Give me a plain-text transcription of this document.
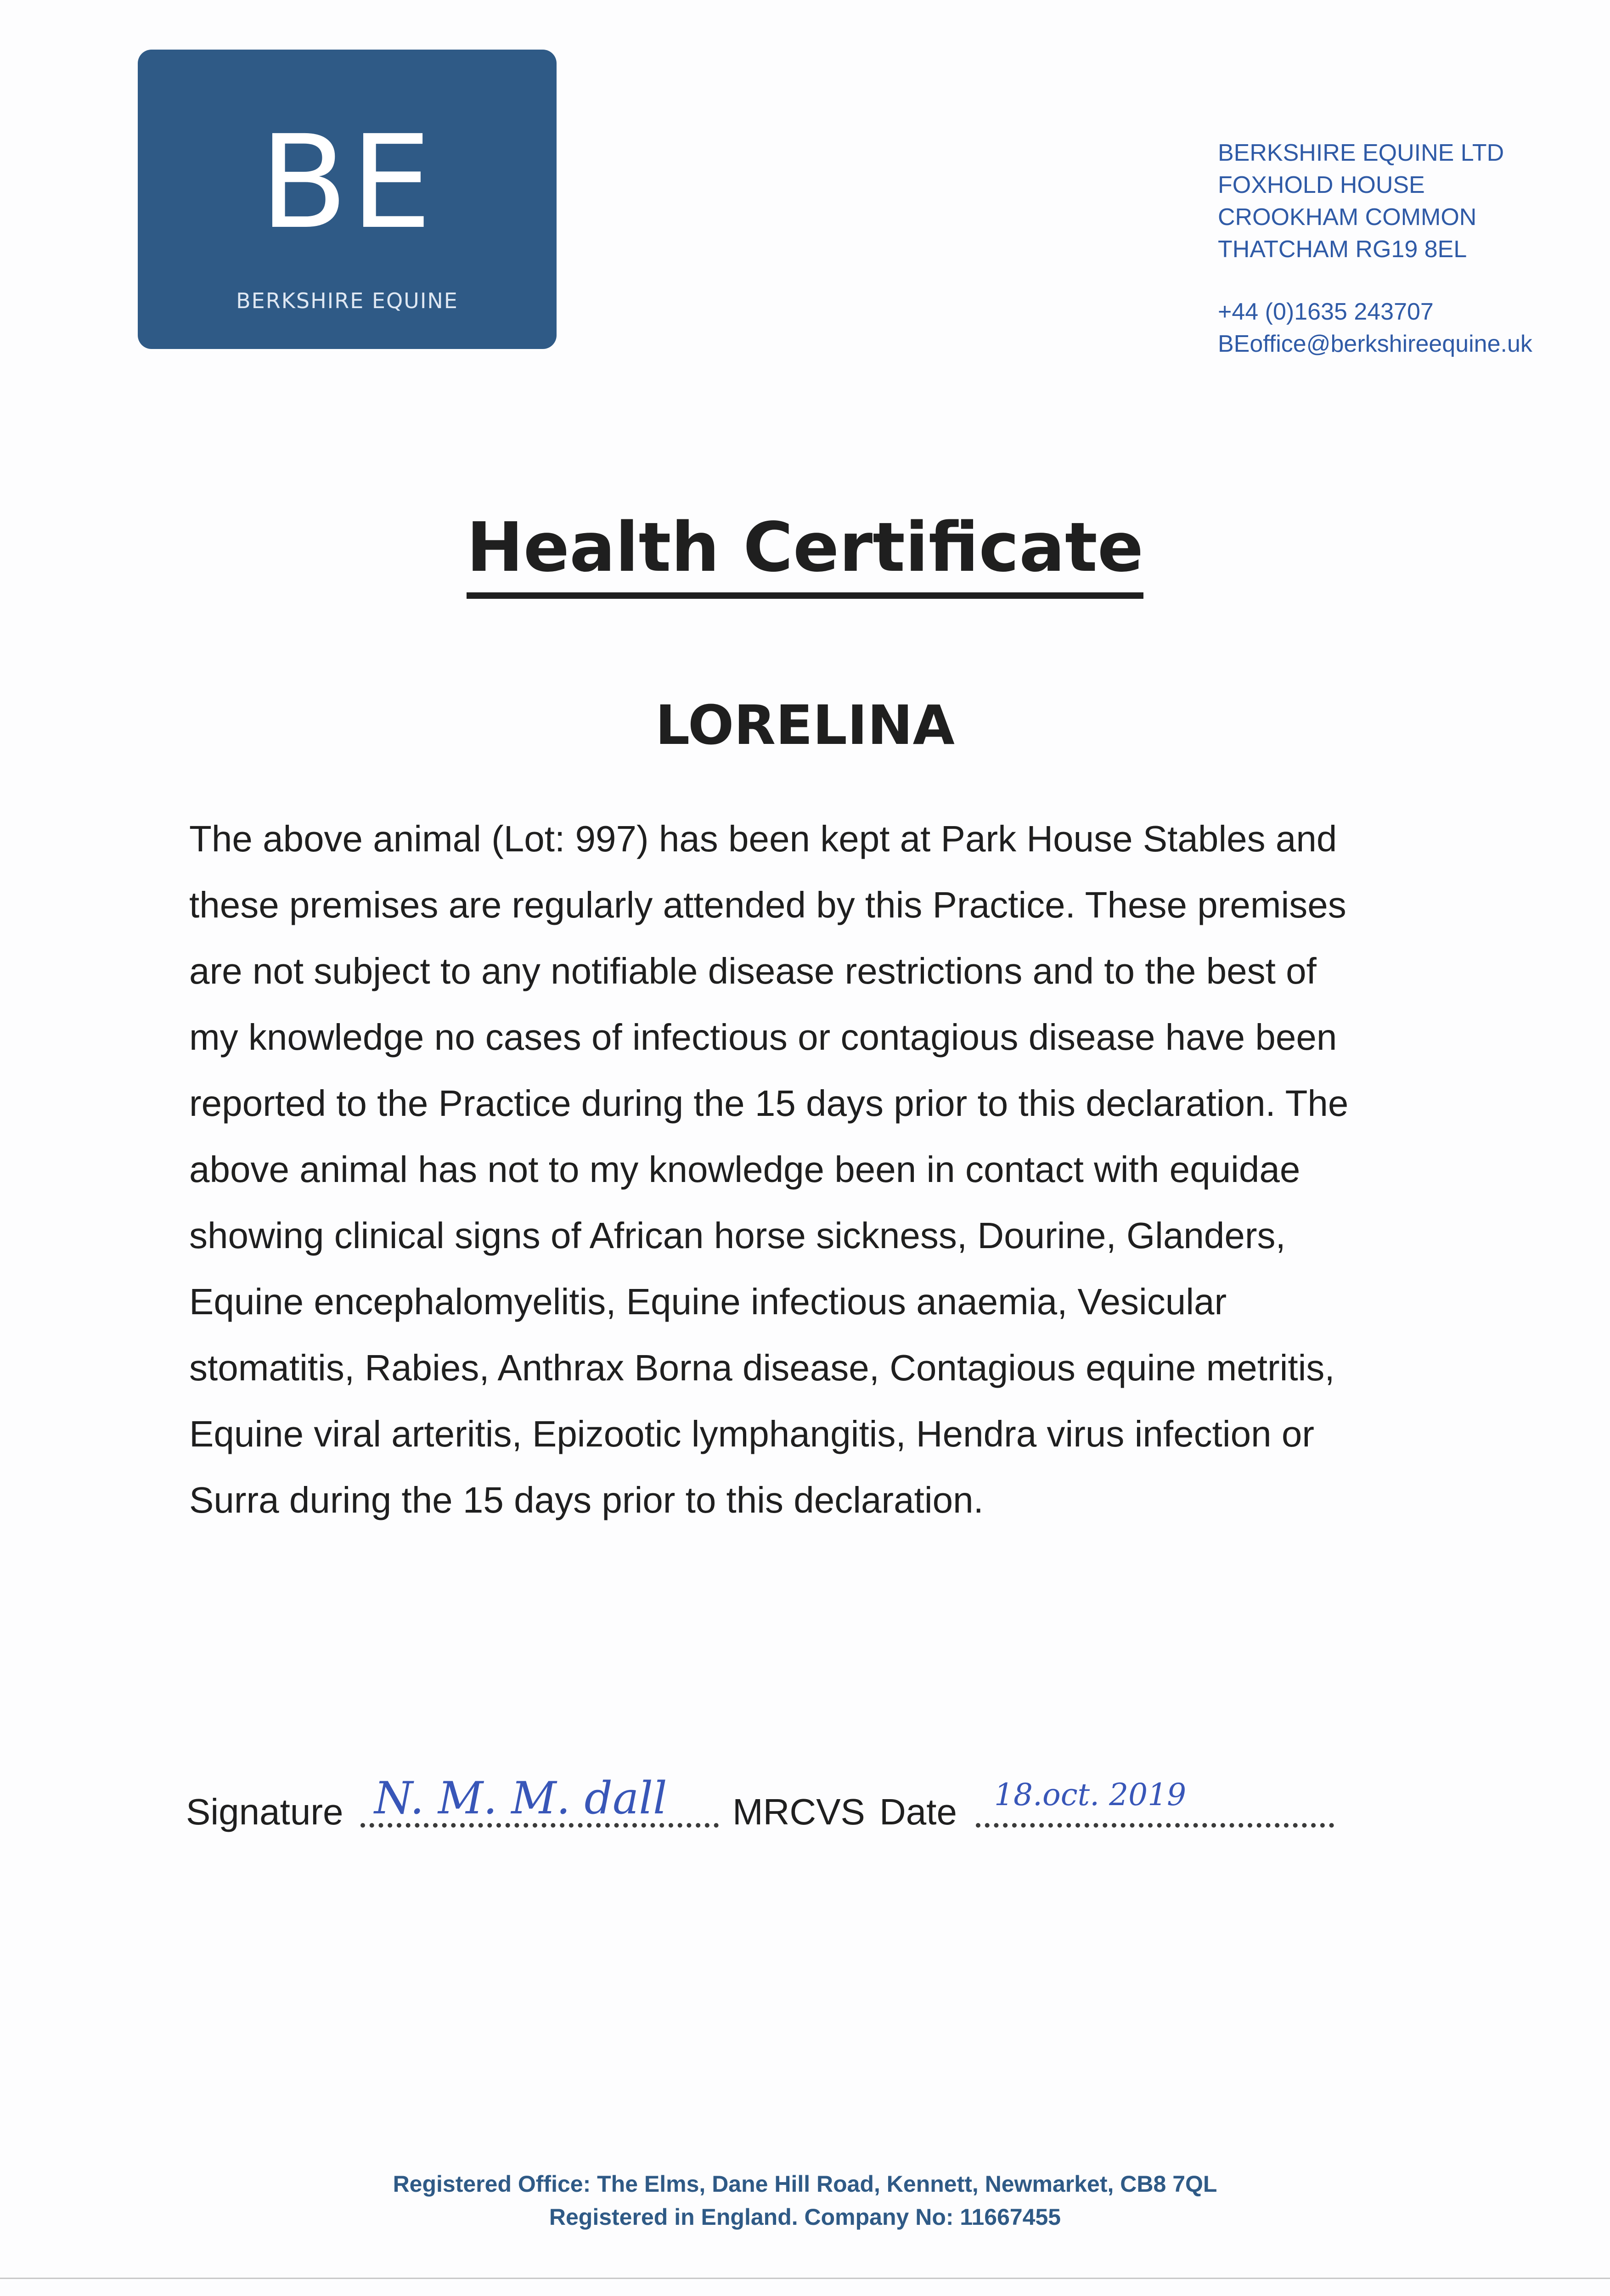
BE
BERKSHIRE EQUINE
BERKSHIRE EQUINE LTD
FOXHOLD HOUSE
CROOKHAM COMMON
THATCHAM RG19 8EL
+44 (0)1635 243707
BEoffice@berkshireequine.uk
Health Certificate
LORELINA

The above animal (Lot: 997) has been kept at Park House Stables and
these premises are regularly attended by this Practice. These premises
are not subject to any notifiable disease restrictions and to the best of
my knowledge no cases of infectious or contagious disease have been
reported to the Practice during the 15 days prior to this declaration. The
above animal has not to my knowledge been in contact with equidae
showing clinical signs of African horse sickness, Dourine, Glanders,
Equine encephalomyelitis, Equine infectious anaemia, Vesicular
stomatitis, Rabies, Anthrax Borna disease, Contagious equine metritis,
Equine viral arteritis, Epizootic lymphangitis, Hendra virus infection or
Surra during the 15 days prior to this declaration.

Signature N. M. M. dall MRCVS Date 18.oct. 2019
Registered Office: The Elms, Dane Hill Road, Kennett, Newmarket, CB8 7QL
Registered in England. Company No: 11667455
